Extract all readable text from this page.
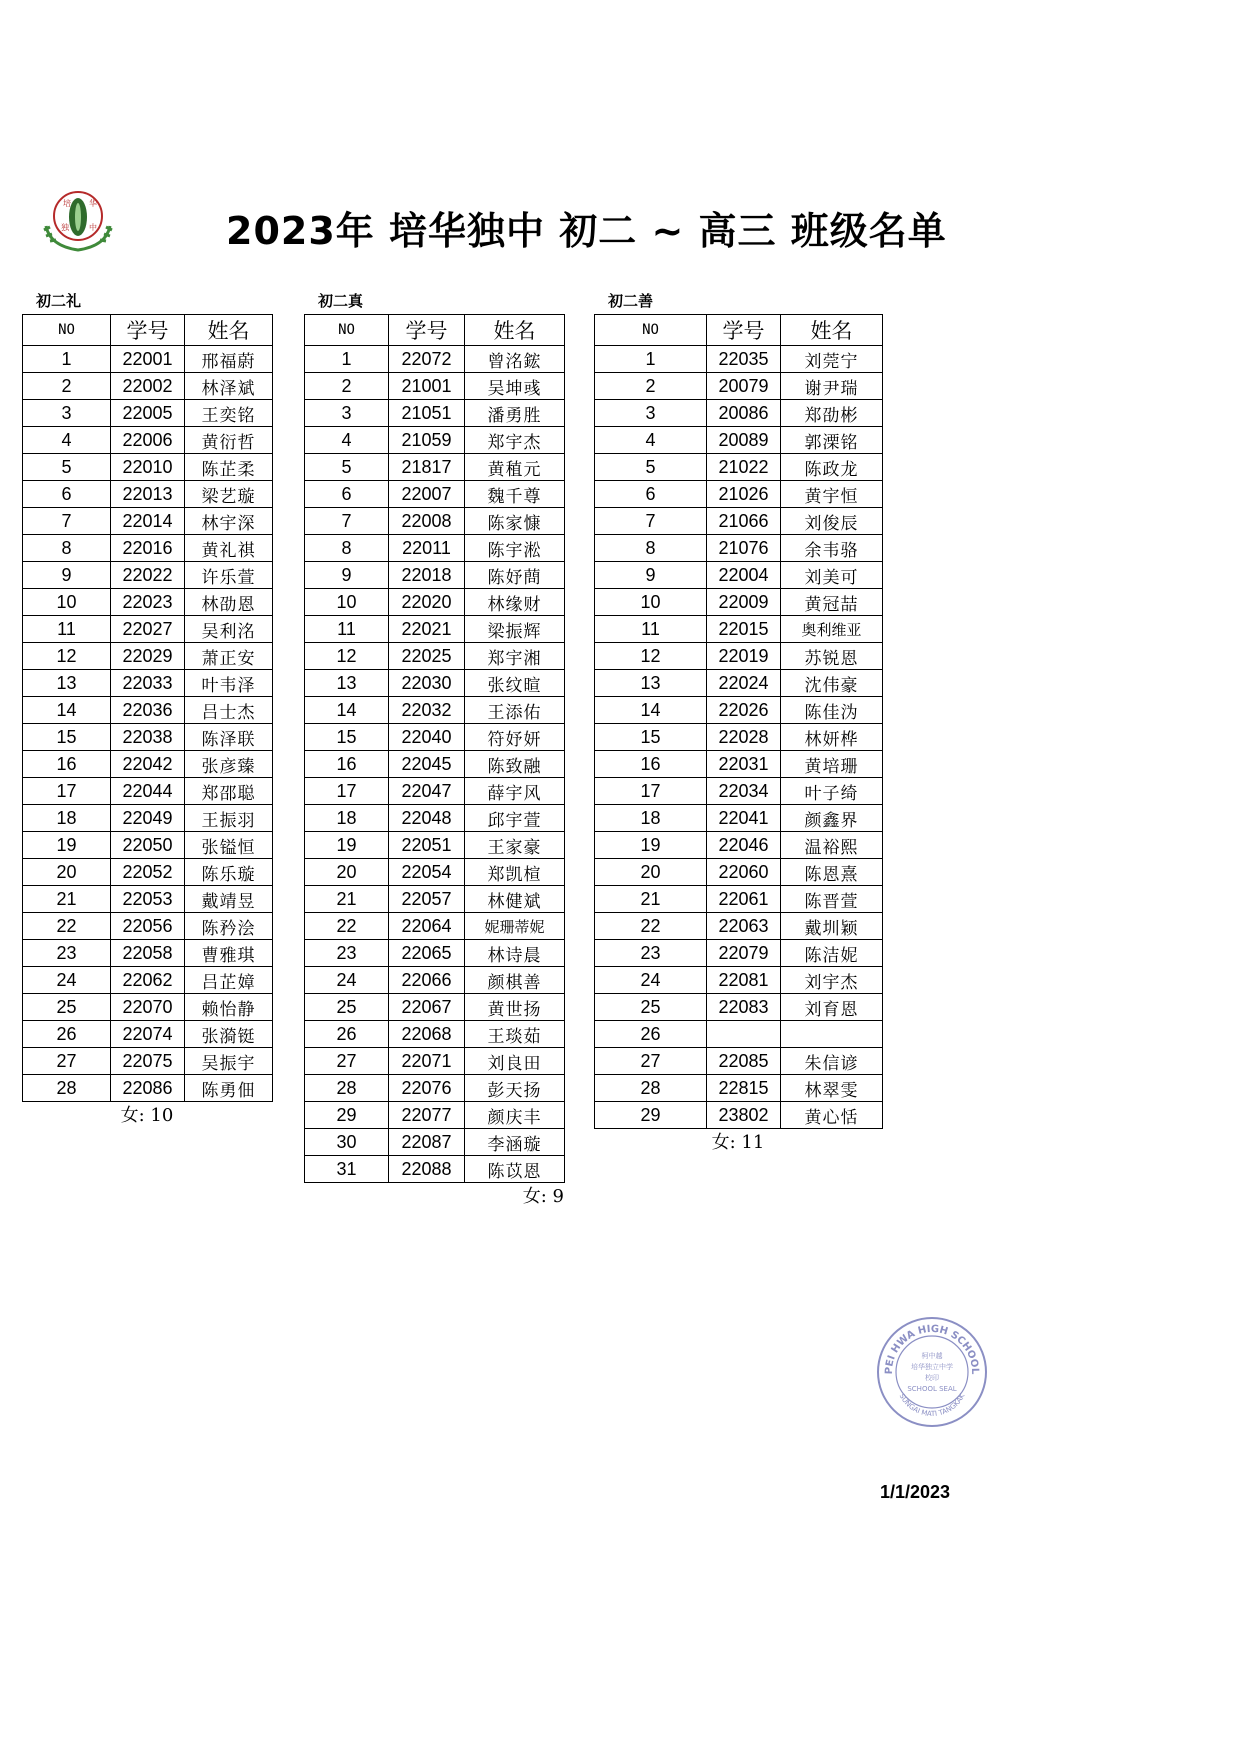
培 华
独	中	2023年 培华独中 初二 ~ 高三 班级名单
初二礼
NO	学号	姓名
1	22001	邢福蔚
2	22002	林泽斌
3	22005	王奕铭
4	22006	黄衍哲
5	22010	陈芷柔
6	22013	梁艺璇
7	22014	林宇深
8	22016	黄礼祺
9	22022	许乐萱
10	22023	林劭恩
11	22027	吴利洺
12	22029	萧正安
13	22033	叶韦泽
14	22036	吕士杰
15	22038	陈泽联
16	22042	张彦臻
17	22044	郑邵聪
18	22049	王振羽
19	22050	张镒恒
20	22052	陈乐璇
21	22053	戴靖昱
22	22056	陈矜浍
23	22058	曹雅琪
24	22062	吕芷嫜
25	22070	赖怡静
26	22074	张漪铤
27	22075	吴振宇
28	22086	陈勇佃
女: 10
初二真
NO	学号	姓名
1	22072	曾洺鋐
2	21001	吴坤彧
3	21051	潘勇胜
4	21059	郑宇杰
5	21817	黄稙元
6	22007	魏千尊
7	22008	陈家慷
8	22011	陈宇淞
9	22018	陈妤蔄
10	22020	林缘财
11	22021	梁振辉
12	22025	郑宇湘
13	22030	张纹暄
14	22032	王添佑
15	22040	符妤妍
16	22045	陈致融
17	22047	薛宇风
18	22048	邱宇萱
19	22051	王家豪
20	22054	郑凯楦
21	22057	林健斌
22	22064	妮珊蒂妮
23	22065	林诗晨
24	22066	颜棋善
25	22067	黄世扬
26	22068	王琰茹
27	22071	刘良田
28	22076	彭天扬
29	22077	颜庆丰
30	22087	李涵璇
31	22088	陈苡恩
女: 9
初二善
NO	学号	姓名
1	22035	刘莞宁
2	20079	谢尹瑞
3	20086	郑劭彬
4	20089	郭溧铭
5	21022	陈政龙
6	21026	黄宇恒
7	21066	刘俊辰
8	21076	余韦骆
9	22004	刘美可
10	22009	黄冠喆
11	22015	奥利维亚
12	22019	苏锐恩
13	22024	沈伟豪
14	22026	陈佳沩
15	22028	林妍桦
16	22031	黄培珊
17	22034	叶子绮
18	22041	颜鑫界
19	22046	温裕熙
20	22060	陈恩熹
21	22061	陈晋萱
22	22063	戴圳颖
23	22079	陈洁妮
24	22081	刘宇杰
25	22083	刘育恩
26		
27	22085	朱信谚
28	22815	林翠雯
29	23802	黄心恬
女: 11
PEI HWA HIGH SCHOOL
SUNGAI MATI TANGKAK
柯中越
培华独立中学
校印
SCHOOL SEAL
1/1/2023
